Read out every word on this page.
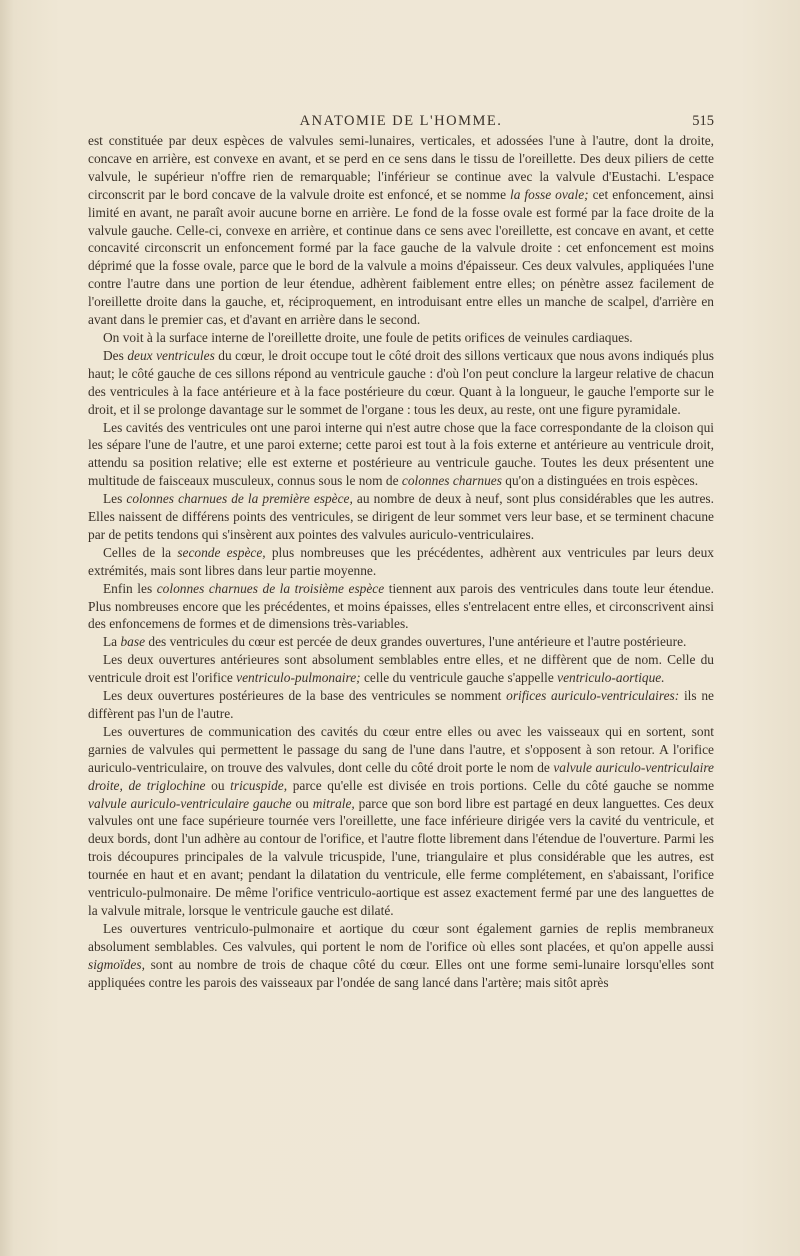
ANATOMIE DE L'HOMME.	515

est constituée par deux espèces de valvules semi-lunaires, verticales, et adossées l'une à l'autre, dont la droite, concave en arrière, est convexe en avant, et se perd en ce sens dans le tissu de l'oreillette. Des deux piliers de cette valvule, le supérieur n'offre rien de remarquable; l'inférieur se continue avec la valvule d'Eustachi. L'espace circonscrit par le bord concave de la valvule droite est enfoncé, et se nomme la fosse ovale; cet enfoncement, ainsi limité en avant, ne paraît avoir aucune borne en arrière. Le fond de la fosse ovale est formé par la face droite de la valvule gauche. Celle-ci, convexe en arrière, et continue dans ce sens avec l'oreillette, est concave en avant, et cette concavité circonscrit un enfoncement formé par la face gauche de la valvule droite : cet enfoncement est moins déprimé que la fosse ovale, parce que le bord de la valvule a moins d'épaisseur. Ces deux valvules, appliquées l'une contre l'autre dans une portion de leur étendue, adhèrent faiblement entre elles; on pénètre assez facilement de l'oreillette droite dans la gauche, et, réciproquement, en introduisant entre elles un manche de scalpel, d'arrière en avant dans le premier cas, et d'avant en arrière dans le second.

On voit à la surface interne de l'oreillette droite, une foule de petits orifices de veinules cardiaques.

Des deux ventricules du cœur, le droit occupe tout le côté droit des sillons verticaux que nous avons indiqués plus haut; le côté gauche de ces sillons répond au ventricule gauche : d'où l'on peut conclure la largeur relative de chacun des ventricules à la face antérieure et à la face postérieure du cœur. Quant à la longueur, le gauche l'emporte sur le droit, et il se prolonge davantage sur le sommet de l'organe : tous les deux, au reste, ont une figure pyramidale.

Les cavités des ventricules ont une paroi interne qui n'est autre chose que la face correspondante de la cloison qui les sépare l'une de l'autre, et une paroi externe; cette paroi est tout à la fois externe et antérieure au ventricule droit, attendu sa position relative; elle est externe et postérieure au ventricule gauche. Toutes les deux présentent une multitude de faisceaux musculeux, connus sous le nom de colonnes charnues qu'on a distinguées en trois espèces.

Les colonnes charnues de la première espèce, au nombre de deux à neuf, sont plus considérables que les autres. Elles naissent de différens points des ventricules, se dirigent de leur sommet vers leur base, et se terminent chacune par de petits tendons qui s'insèrent aux pointes des valvules auriculo-ventriculaires.

Celles de la seconde espèce, plus nombreuses que les précédentes, adhèrent aux ventricules par leurs deux extrémités, mais sont libres dans leur partie moyenne.

Enfin les colonnes charnues de la troisième espèce tiennent aux parois des ventricules dans toute leur étendue. Plus nombreuses encore que les précédentes, et moins épaisses, elles s'entrelacent entre elles, et circonscrivent ainsi des enfoncemens de formes et de dimensions très-variables.

La base des ventricules du cœur est percée de deux grandes ouvertures, l'une antérieure et l'autre postérieure.

Les deux ouvertures antérieures sont absolument semblables entre elles, et ne diffèrent que de nom. Celle du ventricule droit est l'orifice ventriculo-pulmonaire; celle du ventricule gauche s'appelle ventriculo-aortique.

Les deux ouvertures postérieures de la base des ventricules se nomment orifices auriculo-ventriculaires: ils ne diffèrent pas l'un de l'autre.

Les ouvertures de communication des cavités du cœur entre elles ou avec les vaisseaux qui en sortent, sont garnies de valvules qui permettent le passage du sang de l'une dans l'autre, et s'opposent à son retour. A l'orifice auriculo-ventriculaire, on trouve des valvules, dont celle du côté droit porte le nom de valvule auriculo-ventriculaire droite, de triglochine ou tricuspide, parce qu'elle est divisée en trois portions. Celle du côté gauche se nomme valvule auriculo-ventriculaire gauche ou mitrale, parce que son bord libre est partagé en deux languettes. Ces deux valvules ont une face supérieure tournée vers l'oreillette, une face inférieure dirigée vers la cavité du ventricule, et deux bords, dont l'un adhère au contour de l'orifice, et l'autre flotte librement dans l'étendue de l'ouverture. Parmi les trois découpures principales de la valvule tricuspide, l'une, triangulaire et plus considérable que les autres, est tournée en haut et en avant; pendant la dilatation du ventricule, elle ferme complétement, en s'abaissant, l'orifice ventriculo-pulmonaire. De même l'orifice ventriculo-aortique est assez exactement fermé par une des languettes de la valvule mitrale, lorsque le ventricule gauche est dilaté.

Les ouvertures ventriculo-pulmonaire et aortique du cœur sont également garnies de replis membraneux absolument semblables. Ces valvules, qui portent le nom de l'orifice où elles sont placées, et qu'on appelle aussi sigmoïdes, sont au nombre de trois de chaque côté du cœur. Elles ont une forme semi-lunaire lorsqu'elles sont appliquées contre les parois des vaisseaux par l'ondée de sang lancé dans l'artère; mais sitôt après
